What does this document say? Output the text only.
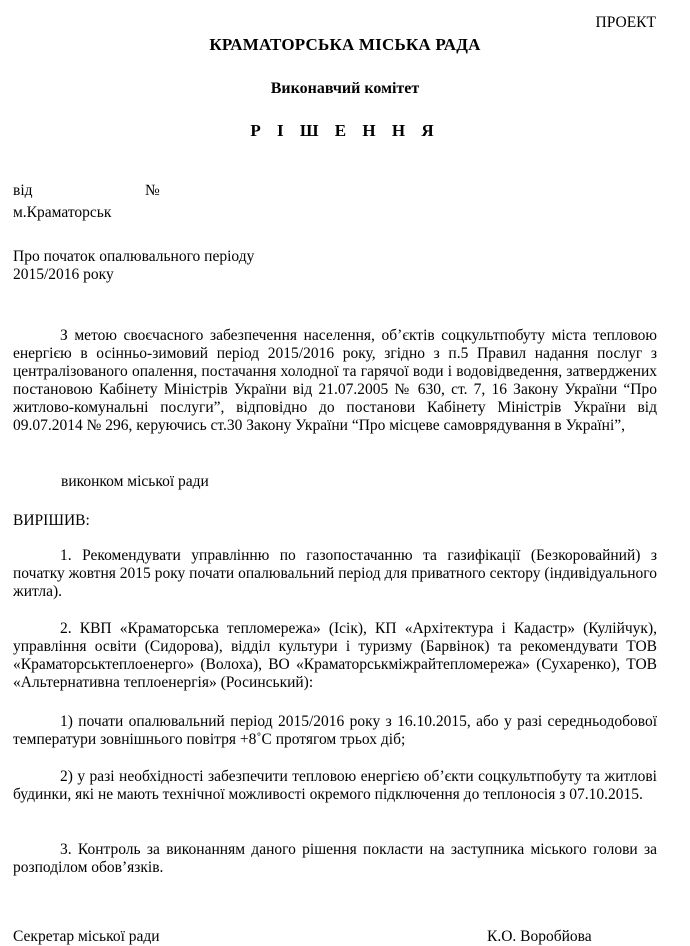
ПРОЕКТ
КРАМАТОРСЬКА МІСЬКА РАДА
Виконавчий комітет
Р І Ш Е Н Н Я
від	№
м.Краматорськ
Про початок опалювального періоду
2015/2016 року

З метою своєчасного забезпечення населення, об’єктів соцкультпобуту міста тепловою енергією в осінньо-зимовий період 2015/2016 року, згідно з п.5 Правил надання послуг з централізованого опалення, постачання холодної та гарячої води і водовідведення, затверджених постановою Кабінету Міністрів України від 21.07.2005 № 630, ст. 7, 16 Закону України “Про житлово-комунальні послуги”, відповідно до постанови Кабінету Міністрів України від 09.07.2014 № 296, керуючись ст.30 Закону України “Про місцеве самоврядування в Україні”,

виконком міської ради
ВИРІШИВ:

1. Рекомендувати управлінню по газопостачанню та газифікації (Безкоровайний) з початку жовтня 2015 року почати опалювальний період для приватного сектору (індивідуального житла).

2. КВП «Краматорська тепломережа» (Ісік), КП «Архітектура і Кадастр» (Кулійчук), управління освіти (Сидорова), відділ культури і туризму (Барвінок) та рекомендувати ТОВ «Краматорськтеплоенерго» (Волоха), ВО «Краматорськміжрайтепломережа» (Сухаренко), ТОВ «Альтернативна теплоенергія» (Росинський):

1) почати опалювальний період 2015/2016 року з 16.10.2015, або у разі середньодобової температури зовнішнього повітря +8˚С протягом трьох діб;

2) у разі необхідності забезпечити тепловою енергією об’єкти соцкультпобуту та житлові будинки, які не мають технічної можливості окремого підключення до теплоносія з 07.10.2015.

3. Контроль за виконанням даного рішення покласти на заступника міського голови за розподілом обов’язків.

Секретар міської ради	К.О. Воробйова
